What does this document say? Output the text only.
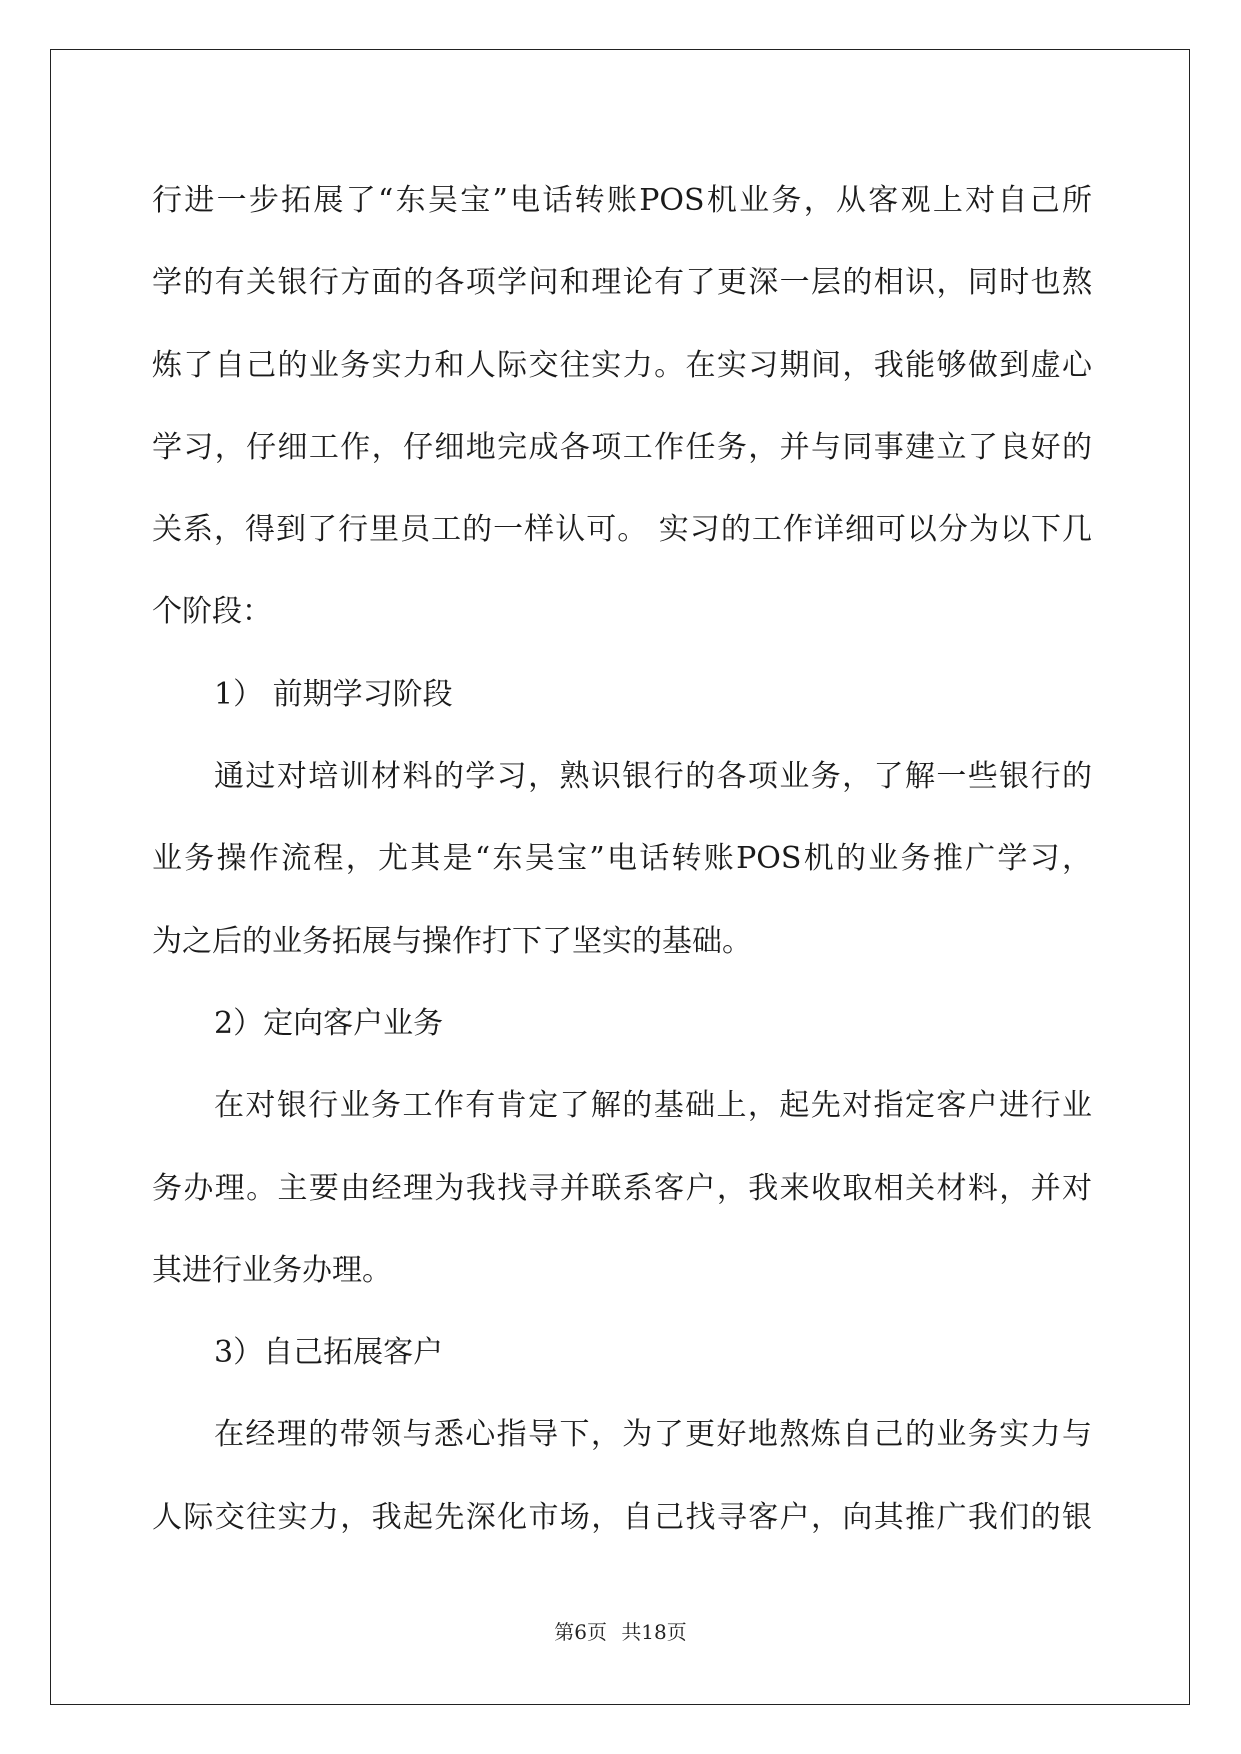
行进一步拓展了“东吴宝”电话转账POS机业务，从客观上对自己所
学的有关银行方面的各项学问和理论有了更深一层的相识，同时也熬
炼了自己的业务实力和人际交往实力。在实习期间，我能够做到虚心
学习，仔细工作，仔细地完成各项工作任务，并与同事建立了良好的
关系，得到了行里员工的一样认可。 实习的工作详细可以分为以下几
个阶段：
1） 前期学习阶段
通过对培训材料的学习，熟识银行的各项业务，了解一些银行的
业务操作流程，尤其是“东吴宝”电话转账POS机的业务推广学习，
为之后的业务拓展与操作打下了坚实的基础。
2）定向客户业务
在对银行业务工作有肯定了解的基础上，起先对指定客户进行业
务办理。主要由经理为我找寻并联系客户，我来收取相关材料，并对
其进行业务办理。
3）自己拓展客户
在经理的带领与悉心指导下，为了更好地熬炼自己的业务实力与
人际交往实力，我起先深化市场，自己找寻客户，向其推广我们的银
第6页 共18页
